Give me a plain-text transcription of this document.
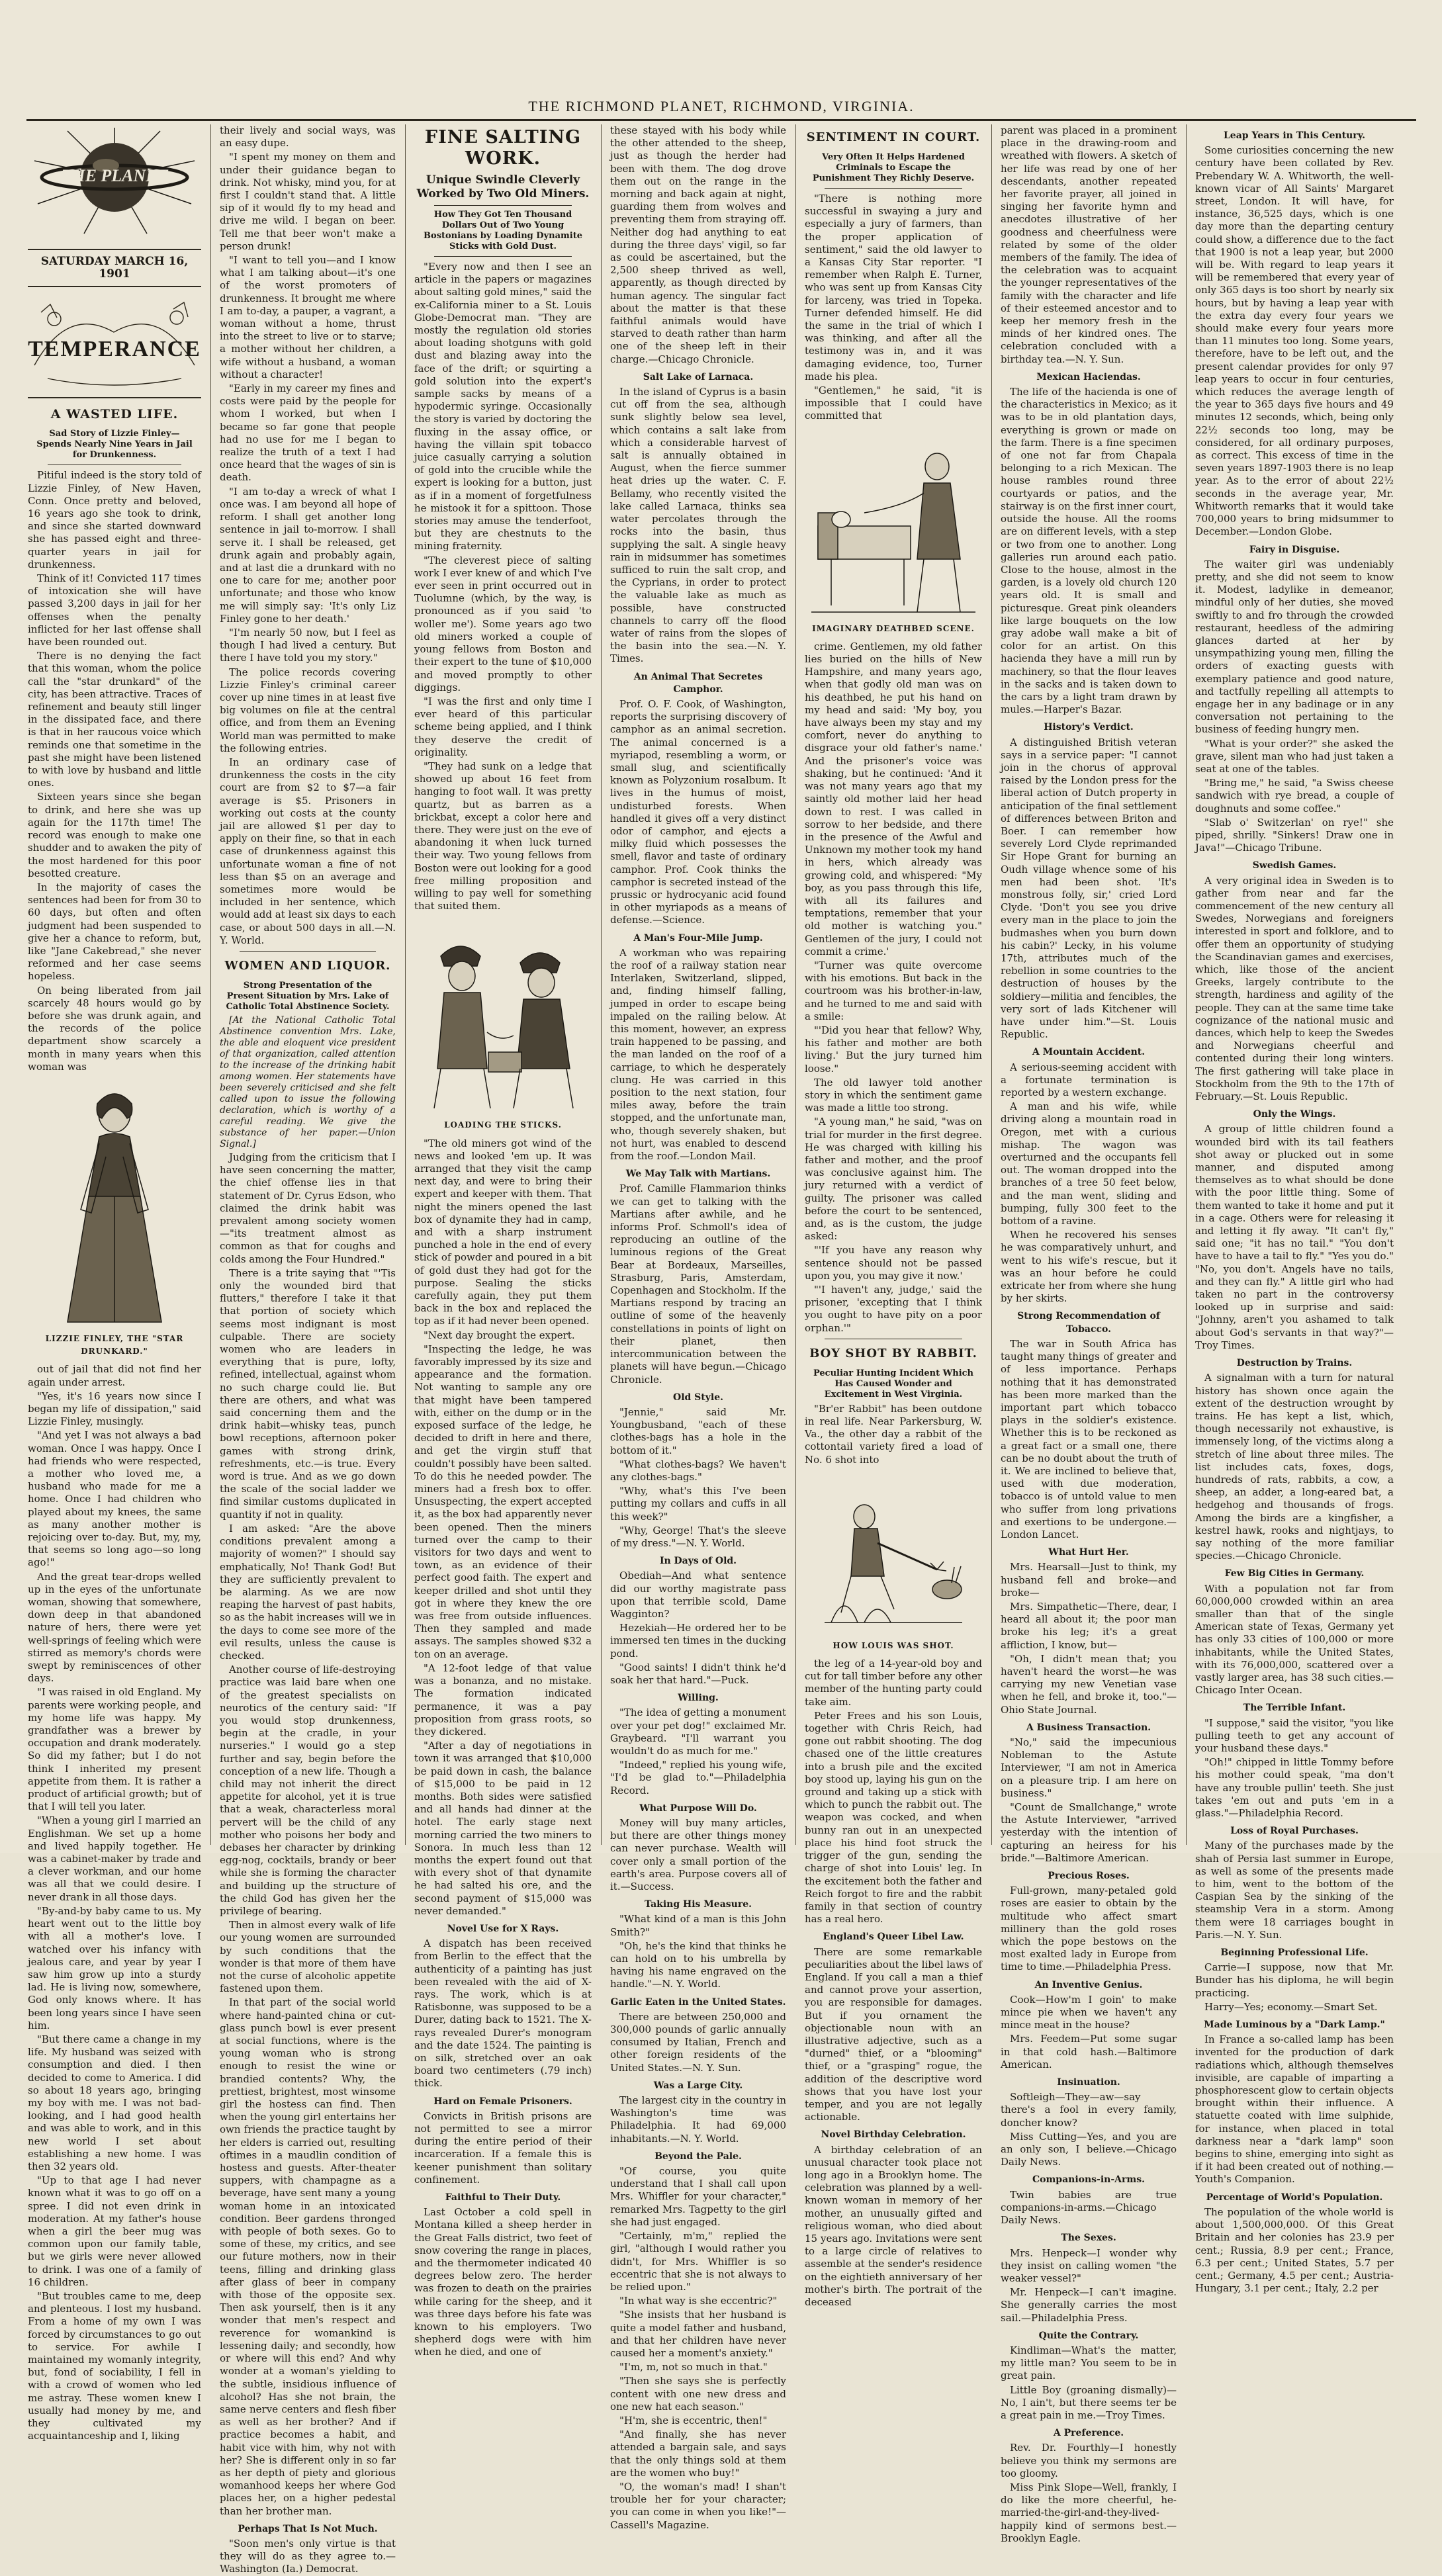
THE RICHMOND PLANET, RICHMOND, VIRGINIA.
THE PLANET
SATURDAY MARCH 16, 1901
TEMPERANCE
A WASTED LIFE.
Sad Story of Lizzie Finley—Spends Nearly Nine Years in Jail for Drunkenness.

Pitiful indeed is the story told of Lizzie Finley, of New Haven, Conn. Once pretty and beloved, 16 years ago she took to drink, and since she started downward she has passed eight and three-quarter years in jail for drunkenness.

Think of it! Convicted 117 times of intoxication she will have passed 3,200 days in jail for her offenses when the penalty inflicted for her last offense shall have been rounded out.

There is no denying the fact that this woman, whom the police call the "star drunkard" of the city, has been attractive. Traces of refinement and beauty still linger in the dissipated face, and there is that in her raucous voice which reminds one that sometime in the past she might have been listened to with love by husband and little ones.

Sixteen years since she began to drink, and here she was up again for the 117th time! The record was enough to make one shudder and to awaken the pity of the most hardened for this poor besotted creature.

In the majority of cases the sentences had been for from 30 to 60 days, but often and often judgment had been suspended to give her a chance to reform, but, like "Jane Cakebread," she never reformed and her case seems hopeless.

On being liberated from jail scarcely 48 hours would go by before she was drunk again, and the records of the police department show scarcely a month in many years when this woman was

LIZZIE FINLEY, THE "STAR DRUNKARD."

out of jail that did not find her again under arrest.

"Yes, it's 16 years now since I began my life of dissipation," said Lizzie Finley, musingly.

"And yet I was not always a bad woman. Once I was happy. Once I had friends who were respected, a mother who loved me, a husband who made for me a home. Once I had children who played about my knees, the same as many another mother is rejoicing over to-day. But, my, my, that seems so long ago—so long ago!"

And the great tear-drops welled up in the eyes of the unfortunate woman, showing that somewhere, down deep in that abandoned nature of hers, there were yet well-springs of feeling which were stirred as memory's chords were swept by reminiscences of other days.

"I was raised in old England. My parents were working people, and my home life was happy. My grandfather was a brewer by occupation and drank moderately. So did my father; but I do not think I inherited my present appetite from them. It is rather a product of artificial growth; but of that I will tell you later.

"When a young girl I married an Englishman. We set up a home and lived happily together. He was a cabinet-maker by trade and a clever workman, and our home was all that we could desire. I never drank in all those days.

"By-and-by baby came to us. My heart went out to the little boy with all a mother's love. I watched over his infancy with jealous care, and year by year I saw him grow up into a sturdy lad. He is living now, somewhere, God only knows where. It has been long years since I have seen him.

"But there came a change in my life. My husband was seized with consumption and died. I then decided to come to America. I did so about 18 years ago, bringing my boy with me. I was not bad-looking, and I had good health and was able to work, and in this new world I set about establishing a new home. I was then 32 years old.

"Up to that age I had never known what it was to go off on a spree. I did not even drink in moderation. At my father's house when a girl the beer mug was common upon our family table, but we girls were never allowed to drink. I was one of a family of 16 children.

"But troubles came to me, deep and plenteous. I lost my husband. From a home of my own I was forced by circumstances to go out to service. For awhile I maintained my womanly integrity, but, fond of sociability, I fell in with a crowd of women who led me astray. These women knew I usually had money by me, and they cultivated my acquaintanceship and I, liking

their lively and social ways, was an easy dupe.

"I spent my money on them and under their guidance began to drink. Not whisky, mind you, for at first I couldn't stand that. A little sip of it would fly to my head and drive me wild. I began on beer. Tell me that beer won't make a person drunk!

"I want to tell you—and I know what I am talking about—it's one of the worst promoters of drunkenness. It brought me where I am to-day, a pauper, a vagrant, a woman without a home, thrust into the street to live or to starve; a mother without her children, a wife without a husband, a woman without a character!

"Early in my career my fines and costs were paid by the people for whom I worked, but when I became so far gone that people had no use for me I began to realize the truth of a text I had once heard that the wages of sin is death.

"I am to-day a wreck of what I once was. I am beyond all hope of reform. I shall get another long sentence in jail to-morrow. I shall serve it. I shall be released, get drunk again and probably again, and at last die a drunkard with no one to care for me; another poor unfortunate; and those who know me will simply say: 'It's only Liz Finley gone to her death.'

"I'm nearly 50 now, but I feel as though I had lived a century. But there I have told you my story."

The police records covering Lizzie Finley's criminal career cover up nine times in at least five big volumes on file at the central office, and from them an Evening World man was permitted to make the following entries.

In an ordinary case of drunkenness the costs in the city court are from $2 to $7—a fair average is $5. Prisoners in working out costs at the county jail are allowed $1 per day to apply on their fine, so that in each case of drunkenness against this unfortunate woman a fine of not less than $5 on an average and sometimes more would be included in her sentence, which would add at least six days to each case, or about 500 days in all.—N. Y. World.

WOMEN AND LIQUOR.
Strong Presentation of the Present Situation by Mrs. Lake of Catholic Total Abstinence Society.

[At the National Catholic Total Abstinence convention Mrs. Lake, the able and eloquent vice president of that organization, called attention to the increase of the drinking habit among women. Her statements have been severely criticised and she felt called upon to issue the following declaration, which is worthy of a careful reading. We give the substance of her paper.—Union Signal.]

Judging from the criticism that I have seen concerning the matter, the chief offense lies in that statement of Dr. Cyrus Edson, who claimed the drink habit was prevalent among society women—"its treatment almost as common as that for coughs and colds among the Four Hundred."

There is a trite saying that "'Tis only the wounded bird that flutters," therefore I take it that that portion of society which seems most indignant is most culpable. There are society women who are leaders in everything that is pure, lofty, refined, intellectual, against whom no such charge could lie. But there are others, and what was said concerning them and the drink habit—whisky teas, punch bowl receptions, afternoon poker games with strong drink, refreshments, etc.—is true. Every word is true. And as we go down the scale of the social ladder we find similar customs duplicated in quantity if not in quality.

I am asked: "Are the above conditions prevalent among a majority of women?" I should say emphatically, No! Thank God! But they are sufficiently prevalent to be alarming. As we are now reaping the harvest of past habits, so as the habit increases will we in the days to come see more of the evil results, unless the cause is checked.

Another course of life-destroying practice was laid bare when one of the greatest specialists on neurotics of the century said: "If you would stop drunkenness, begin at the cradle, in your nurseries." I would go a step further and say, begin before the conception of a new life. Though a child may not inherit the direct appetite for alcohol, yet it is true that a weak, characterless moral pervert will be the child of any mother who poisons her body and debases her character by drinking egg-nog, cocktails, brandy or beer while she is forming the character and building up the structure of the child God has given her the privilege of bearing.

Then in almost every walk of life our young women are surrounded by such conditions that the wonder is that more of them have not the curse of alcoholic appetite fastened upon them.

In that part of the social world where hand-painted china or cut-glass punch bowl is ever present at social functions, where is the young woman who is strong enough to resist the wine or brandied contents? Why, the prettiest, brightest, most winsome girl the hostess can find. Then when the young girl entertains her own friends the practice taught by her elders is carried out, resulting oftimes in a maudlin condition of hostess and guests. After-theater suppers, with champagne as a beverage, have sent many a young woman home in an intoxicated condition. Beer gardens thronged with people of both sexes. Go to some of these, my critics, and see our future mothers, now in their teens, filling and drinking glass after glass of beer in company with those of the opposite sex. Then ask yourself, then is it any wonder that men's respect and reverence for womankind is lessening daily; and secondly, how or where will this end? And why wonder at a woman's yielding to the subtle, insidious influence of alcohol? Has she not brain, the same nerve centers and flesh fiber as well as her brother? And if practice becomes a habit, and habit vice with him, why not with her? She is different only in so far as her depth of piety and glorious womanhood keeps her where God places her, on a higher pedestal than her brother man.

Perhaps That Is Not Much.

"Soon men's only virtue is that they will do as they agree to.—Washington (Ia.) Democrat.

FINE SALTING WORK.
Unique Swindle Cleverly Worked by Two Old Miners.
How They Got Ten Thousand Dollars Out of Two Young Bostonians by Loading Dynamite Sticks with Gold Dust.

"Every now and then I see an article in the papers or magazines about salting gold mines," said the ex-California miner to a St. Louis Globe-Democrat man. "They are mostly the regulation old stories about loading shotguns with gold dust and blazing away into the face of the drift; or squirting a gold solution into the expert's sample sacks by means of a hypodermic syringe. Occasionally the story is varied by doctoring the fluxing in the assay office, or having the villain spit tobacco juice casually carrying a solution of gold into the crucible while the expert is looking for a button, just as if in a moment of forgetfulness he mistook it for a spittoon. Those stories may amuse the tenderfoot, but they are chestnuts to the mining fraternity.

"The cleverest piece of salting work I ever knew of and which I've ever seen in print occurred out in Tuolumne (which, by the way, is pronounced as if you said 'to woller me'). Some years ago two old miners worked a couple of young fellows from Boston and their expert to the tune of $10,000 and moved promptly to other diggings.

"I was the first and only time I ever heard of this particular scheme being applied, and I think they deserve the credit of originality.

"They had sunk on a ledge that showed up about 16 feet from hanging to foot wall. It was pretty quartz, but as barren as a brickbat, except a color here and there. They were just on the eve of abandoning it when luck turned their way. Two young fellows from Boston were out looking for a good free milling proposition and willing to pay well for something that suited them.

LOADING THE STICKS.

"The old miners got wind of the news and looked 'em up. It was arranged that they visit the camp next day, and were to bring their expert and keeper with them. That night the miners opened the last box of dynamite they had in camp, and with a sharp instrument punched a hole in the end of every stick of powder and poured in a bit of gold dust they had got for the purpose. Sealing the sticks carefully again, they put them back in the box and replaced the top as if it had never been opened.

"Next day brought the expert.

"Inspecting the ledge, he was favorably impressed by its size and appearance and the formation. Not wanting to sample any ore that might have been tampered with, either on the dump or in the exposed surface of the ledge, he decided to drift in here and there, and get the virgin stuff that couldn't possibly have been salted. To do this he needed powder. The miners had a fresh box to offer. Unsuspecting, the expert accepted it, as the box had apparently never been opened. Then the miners turned over the camp to their visitors for two days and went to town, as an evidence of their perfect good faith. The expert and keeper drilled and shot until they got in where they knew the ore was free from outside influences. Then they sampled and made assays. The samples showed $32 a ton on an average.

"A 12-foot ledge of that value was a bonanza, and no mistake. The formation indicated permanence, it was a pay proposition from grass roots, so they dickered.

"After a day of negotiations in town it was arranged that $10,000 be paid down in cash, the balance of $15,000 to be paid in 12 months. Both sides were satisfied and all hands had dinner at the hotel. The early stage next morning carried the two miners to Sonora. In much less than 12 months the expert found out that with every shot of that dynamite he had salted his ore, and the second payment of $15,000 was never demanded."

Novel Use for X Rays.

A dispatch has been received from Berlin to the effect that the authenticity of a painting has just been revealed with the aid of X-rays. The work, which is at Ratisbonne, was supposed to be a Durer, dating back to 1521. The X-rays revealed Durer's monogram and the date 1524. The painting is on silk, stretched over an oak board two centimeters (.79 inch) thick.

Hard on Female Prisoners.

Convicts in British prisons are not permitted to see a mirror during the entire period of their incarceration. If a female this is keener punishment than solitary confinement.

Faithful to Their Duty.

Last October a cold spell in Montana killed a sheep herder in the Great Falls district, two feet of snow covering the range in places, and the thermometer indicated 40 degrees below zero. The herder was frozen to death on the prairies while caring for the sheep, and it was three days before his fate was known to his employers. Two shepherd dogs were with him when he died, and one of

these stayed with his body while the other attended to the sheep, just as though the herder had been with them. The dog drove them out on the range in the morning and back again at night, guarding them from wolves and preventing them from straying off. Neither dog had anything to eat during the three days' vigil, so far as could be ascertained, but the 2,500 sheep thrived as well, apparently, as though directed by human agency. The singular fact about the matter is that these faithful animals would have starved to death rather than harm one of the sheep left in their charge.—Chicago Chronicle.

Salt Lake of Larnaca.

In the island of Cyprus is a basin cut off from the sea, although sunk slightly below sea level, which contains a salt lake from which a considerable harvest of salt is annually obtained in August, when the fierce summer heat dries up the water. C. F. Bellamy, who recently visited the lake called Larnaca, thinks sea water percolates through the rocks into the basin, thus supplying the salt. A single heavy rain in midsummer has sometimes sufficed to ruin the salt crop, and the Cyprians, in order to protect the valuable lake as much as possible, have constructed channels to carry off the flood water of rains from the slopes of the basin into the sea.—N. Y. Times.

An Animal That Secretes Camphor.

Prof. O. F. Cook, of Washington, reports the surprising discovery of camphor as an animal secretion. The animal concerned is a myriapod, resembling a worm, or small slug, and scientifically known as Polyzonium rosalbum. It lives in the humus of moist, undisturbed forests. When handled it gives off a very distinct odor of camphor, and ejects a milky fluid which possesses the smell, flavor and taste of ordinary camphor. Prof. Cook thinks the camphor is secreted instead of the prussic or hydrocyanic acid found in other myriapods as a means of defense.—Science.

A Man's Four-Mile Jump.

A workman who was repairing the roof of a railway station near Interlaken, Switzerland, slipped, and, finding himself falling, jumped in order to escape being impaled on the railing below. At this moment, however, an express train happened to be passing, and the man landed on the roof of a carriage, to which he desperately clung. He was carried in this position to the next station, four miles away, before the train stopped, and the unfortunate man, who, though severely shaken, but not hurt, was enabled to descend from the roof.—London Mail.

We May Talk with Martians.

Prof. Camille Flammarion thinks we can get to talking with the Martians after awhile, and he informs Prof. Schmoll's idea of reproducing an outline of the luminous regions of the Great Bear at Bordeaux, Marseilles, Strasburg, Paris, Amsterdam, Copenhagen and Stockholm. If the Martians respond by tracing an outline of some of the heavenly constellations in points of light on their planet, then intercommunication between the planets will have begun.—Chicago Chronicle.

Old Style.

"Jennie," said Mr. Youngbusband, "each of these clothes-bags has a hole in the bottom of it."

"What clothes-bags? We haven't any clothes-bags."

"Why, what's this I've been putting my collars and cuffs in all this week?"

"Why, George! That's the sleeve of my dress."—N. Y. World.

In Days of Old.

Obediah—And what sentence did our worthy magistrate pass upon that terrible scold, Dame Wagginton?

Hezekiah—He ordered her to be immersed ten times in the ducking pond.

"Good saints! I didn't think he'd soak her that hard."—Puck.

Willing.

"The idea of getting a monument over your pet dog!" exclaimed Mr. Graybeard. "I'll warrant you wouldn't do as much for me."

"Indeed," replied his young wife, "I'd be glad to."—Philadelphia Record.

What Purpose Will Do.

Money will buy many articles, but there are other things money can never purchase. Wealth will cover only a small portion of the earth's area. Purpose covers all of it.—Success.

Taking His Measure.

"What kind of a man is this John Smith?"

"Oh, he's the kind that thinks he can hold on to his umbrella by having his name engraved on the handle."—N. Y. World.

Garlic Eaten in the United States.

There are between 250,000 and 300,000 pounds of garlic annually consumed by Italian, French and other foreign residents of the United States.—N. Y. Sun.

Was a Large City.

The largest city in the country in Washington's time was Philadelphia. It had 69,000 inhabitants.—N. Y. World.

Beyond the Pale.

"Of course, you quite understand that I shall call upon Mrs. Whiffler for your character," remarked Mrs. Tagpetty to the girl she had just engaged.

"Certainly, m'm," replied the girl, "although I would rather you didn't, for Mrs. Whiffler is so eccentric that she is not always to be relied upon."

"In what way is she eccentric?"

"She insists that her husband is quite a model father and husband, and that her children have never caused her a moment's anxiety."

"I'm, m, not so much in that."

"Then she says she is perfectly content with one new dress and one new hat each season."

"H'm, she is eccentric, then!"

"And finally, she has never attended a bargain sale, and says that the only things sold at them are the women who buy!"

"O, the woman's mad! I shan't trouble her for your character; you can come in when you like!"—Cassell's Magazine.

SENTIMENT IN COURT.
Very Often It Helps Hardened Criminals to Escape the Punishment They Richly Deserve.

"There is nothing more successful in swaying a jury and especially a jury of farmers, than the proper application of sentiment," said the old lawyer to a Kansas City Star reporter. "I remember when Ralph E. Turner, who was sent up from Kansas City for larceny, was tried in Topeka. Turner defended himself. He did the same in the trial of which I was thinking, and after all the testimony was in, and it was damaging evidence, too, Turner made his plea.

"Gentlemen," he said, "it is impossible that I could have committed that

IMAGINARY DEATHBED SCENE.

crime. Gentlemen, my old father lies buried on the hills of New Hampshire, and many years ago, when that godly old man was on his deathbed, he put his hand on my head and said: 'My boy, you have always been my stay and my comfort, never do anything to disgrace your old father's name.' And the prisoner's voice was shaking, but he continued: 'And it was not many years ago that my saintly old mother laid her head down to rest. I was called in sorrow to her bedside, and there in the presence of the Awful and Unknown my mother took my hand in hers, which already was growing cold, and whispered: "My boy, as you pass through this life, with all its failures and temptations, remember that your old mother is watching you." Gentlemen of the jury, I could not commit a crime.'

"Turner was quite overcome with his emotions. But back in the courtroom was his brother-in-law, and he turned to me and said with a smile:

"'Did you hear that fellow? Why, his father and mother are both living.' But the jury turned him loose."

The old lawyer told another story in which the sentiment game was made a little too strong.

"A young man," he said, "was on trial for murder in the first degree. He was charged with killing his father and mother, and the proof was conclusive against him. The jury returned with a verdict of guilty. The prisoner was called before the court to be sentenced, and, as is the custom, the judge asked:

"'If you have any reason why sentence should not be passed upon you, you may give it now.'

"'I haven't any, judge,' said the prisoner, 'excepting that I think you ought to have pity on a poor orphan.'"

BOY SHOT BY RABBIT.
Peculiar Hunting Incident Which Has Caused Wonder and Excitement in West Virginia.

"Br'er Rabbit" has been outdone in real life. Near Parkersburg, W. Va., the other day a rabbit of the cottontail variety fired a load of No. 6 shot into

HOW LOUIS WAS SHOT.

the leg of a 14-year-old boy and cut for tall timber before any other member of the hunting party could take aim.

Peter Frees and his son Louis, together with Chris Reich, had gone out rabbit shooting. The dog chased one of the little creatures into a brush pile and the excited boy stood up, laying his gun on the ground and taking up a stick with which to punch the rabbit out. The weapon was cocked, and when bunny ran out in an unexpected place his hind foot struck the trigger of the gun, sending the charge of shot into Louis' leg. In the excitement both the father and Reich forgot to fire and the rabbit family in that section of country has a real hero.

England's Queer Libel Law.

There are some remarkable peculiarities about the libel laws of England. If you call a man a thief and cannot prove your assertion, you are responsible for damages. But if you ornament the objectionable noun with an illustrative adjective, such as a "durned" thief, or a "blooming" thief, or a "grasping" rogue, the addition of the descriptive word shows that you have lost your temper, and you are not legally actionable.

Novel Birthday Celebration.

A birthday celebration of an unusual character took place not long ago in a Brooklyn home. The celebration was planned by a well-known woman in memory of her mother, an unusually gifted and religious woman, who died about 15 years ago. Invitations were sent to a large circle of relatives to assemble at the sender's residence on the eightieth anniversary of her mother's birth. The portrait of the deceased

parent was placed in a prominent place in the drawing-room and wreathed with flowers. A sketch of her life was read by one of her descendants, another repeated her favorite prayer, all joined in singing her favorite hymn and anecdotes illustrative of her goodness and cheerfulness were related by some of the older members of the family. The idea of the celebration was to acquaint the younger representatives of the family with the character and life of their esteemed ancestor and to keep her memory fresh in the minds of her kindred ones. The celebration concluded with a birthday tea.—N. Y. Sun.

Mexican Haciendas.

The life of the hacienda is one of the characteristics in Mexico; as it was to be in old plantation days, everything is grown or made on the farm. There is a fine specimen of one not far from Chapala belonging to a rich Mexican. The house rambles round three courtyards or patios, and the stairway is on the first inner court, outside the house. All the rooms are on different levels, with a step or two from one to another. Long galleries run around each patio. Close to the house, almost in the garden, is a lovely old church 120 years old. It is small and picturesque. Great pink oleanders like large bouquets on the low gray adobe wall make a bit of color for an artist. On this hacienda they have a mill run by machinery, so that the flour leaves in the sacks and is taken down to the cars by a light tram drawn by mules.—Harper's Bazar.

History's Verdict.

A distinguished British veteran says in a service paper: "I cannot join in the chorus of approval raised by the London press for the liberal action of Dutch property in anticipation of the final settlement of differences between Briton and Boer. I can remember how severely Lord Clyde reprimanded Sir Hope Grant for burning an Oudh village whence some of his men had been shot. 'It's monstrous folly, sir,' cried Lord Clyde. 'Don't you see you drive every man in the place to join the budmashes when you burn down his cabin?' Lecky, in his volume 17th, attributes much of the rebellion in some countries to the destruction of houses by the soldiery—militia and fencibles, the very sort of lads Kitchener will have under him."—St. Louis Republic.

A Mountain Accident.

A serious-seeming accident with a fortunate termination is reported by a western exchange.

A man and his wife, while driving along a mountain road in Oregon, met with a curious mishap. The wagon was overturned and the occupants fell out. The woman dropped into the branches of a tree 50 feet below, and the man went, sliding and bumping, fully 300 feet to the bottom of a ravine.

When he recovered his senses he was comparatively unhurt, and went to his wife's rescue, but it was an hour before he could extricate her from where she hung by her skirts.

Strong Recommendation of Tobacco.

The war in South Africa has taught many things of greater and of less importance. Perhaps nothing that it has demonstrated has been more marked than the important part which tobacco plays in the soldier's existence. Whether this is to be reckoned as a great fact or a small one, there can be no doubt about the truth of it. We are inclined to believe that, used with due moderation, tobacco is of untold value to men who suffer from long privations and exertions to be undergone.—London Lancet.

What Hurt Her.

Mrs. Hearsall—Just to think, my husband fell and broke—and broke—

Mrs. Simpathetic—There, dear, I heard all about it; the poor man broke his leg; it's a great affliction, I know, but—

"Oh, I didn't mean that; you haven't heard the worst—he was carrying my new Venetian vase when he fell, and broke it, too."—Ohio State Journal.

A Business Transaction.

"No," said the impecunious Nobleman to the Astute Interviewer, "I am not in America on a pleasure trip. I am here on business."

"Count de Smallchange," wrote the Astute Interviewer, "arrived yesterday with the intention of capturing an heiress for his bride."—Baltimore American.

Precious Roses.

Full-grown, many-petaled gold roses are easier to obtain by the multitude who affect smart millinery than the gold roses which the pope bestows on the most exalted lady in Europe from time to time.—Philadelphia Press.

An Inventive Genius.

Cook—How'm I goin' to make mince pie when we haven't any mince meat in the house?

Mrs. Feedem—Put some sugar in that cold hash.—Baltimore American.

Insinuation.

Softleigh—They—aw—say there's a fool in every family, doncher know?

Miss Cutting—Yes, and you are an only son, I believe.—Chicago Daily News.

Companions-in-Arms.

Twin babies are true companions-in-arms.—Chicago Daily News.

The Sexes.

Mrs. Henpeck—I wonder why they insist on calling women "the weaker vessel?"

Mr. Henpeck—I can't imagine. She generally carries the most sail.—Philadelphia Press.

Quite the Contrary.

Kindliman—What's the matter, my little man? You seem to be in great pain.

Little Boy (groaning dismally)—No, I ain't, but there seems ter be a great pain in me.—Troy Times.

A Preference.

Rev. Dr. Fourthly—I honestly believe you think my sermons are too gloomy.

Miss Pink Slope—Well, frankly, I do like the more cheerful, he-married-the-girl-and-they-lived-happily kind of sermons best.—Brooklyn Eagle.

Leap Years in This Century.

Some curiosities concerning the new century have been collated by Rev. Prebendary W. A. Whitworth, the well-known vicar of All Saints' Margaret street, London. It will have, for instance, 36,525 days, which is one day more than the departing century could show, a difference due to the fact that 1900 is not a leap year, but 2000 will be. With regard to leap years it will be remembered that every year of only 365 days is too short by nearly six hours, but by having a leap year with the extra day every four years we should make every four years more than 11 minutes too long. Some years, therefore, have to be left out, and the present calendar provides for only 97 leap years to occur in four centuries, which reduces the average length of the year to 365 days five hours and 49 minutes 12 seconds, which, being only 22½ seconds too long, may be considered, for all ordinary purposes, as correct. This excess of time in the seven years 1897-1903 there is no leap year. As to the error of about 22½ seconds in the average year, Mr. Whitworth remarks that it would take 700,000 years to bring midsummer to December.—London Globe.

Fairy in Disguise.

The waiter girl was undeniably pretty, and she did not seem to know it. Modest, ladylike in demeanor, mindful only of her duties, she moved swiftly to and fro through the crowded restaurant, heedless of the admiring glances darted at her by unsympathizing young men, filling the orders of exacting guests with exemplary patience and good nature, and tactfully repelling all attempts to engage her in any badinage or in any conversation not pertaining to the business of feeding hungry men.

"What is your order?" she asked the grave, silent man who had just taken a seat at one of the tables.

"Bring me," he said, "a Swiss cheese sandwich with rye bread, a couple of doughnuts and some coffee."

"Slab o' Switzerlan' on rye!" she piped, shrilly. "Sinkers! Draw one in Java!"—Chicago Tribune.

Swedish Games.

A very original idea in Sweden is to gather from near and far the commencement of the new century all Swedes, Norwegians and foreigners interested in sport and folklore, and to offer them an opportunity of studying the Scandinavian games and exercises, which, like those of the ancient Greeks, largely contribute to the strength, hardiness and agility of the people. They can at the same time take cognizance of the national music and dances, which help to keep the Swedes and Norwegians cheerful and contented during their long winters. The first gathering will take place in Stockholm from the 9th to the 17th of February.—St. Louis Republic.

Only the Wings.

A group of little children found a wounded bird with its tail feathers shot away or plucked out in some manner, and disputed among themselves as to what should be done with the poor little thing. Some of them wanted to take it home and put it in a cage. Others were for releasing it and letting it fly away. "It can't fly," said one; "it has no tail." "You don't have to have a tail to fly." "Yes you do." "No, you don't. Angels have no tails, and they can fly." A little girl who had taken no part in the controversy looked up in surprise and said: "Johnny, aren't you ashamed to talk about God's servants in that way?"—Troy Times.

Destruction by Trains.

A signalman with a turn for natural history has shown once again the extent of the destruction wrought by trains. He has kept a list, which, though necessarily not exhaustive, is immensely long, of the victims along a stretch of line about three miles. The list includes cats, foxes, dogs, hundreds of rats, rabbits, a cow, a sheep, an adder, a long-eared bat, a hedgehog and thousands of frogs. Among the birds are a kingfisher, a kestrel hawk, rooks and nightjays, to say nothing of the more familiar species.—Chicago Chronicle.

Few Big Cities in Germany.

With a population not far from 60,000,000 crowded within an area smaller than that of the single American state of Texas, Germany yet has only 33 cities of 100,000 or more inhabitants, while the United States, with its 76,000,000, scattered over a vastly larger area, has 38 such cities.—Chicago Inter Ocean.

The Terrible Infant.

"I suppose," said the visitor, "you like pulling teeth to get any account of your husband these days."

"Oh!" chipped in little Tommy before his mother could speak, "ma don't have any trouble pullin' teeth. She just takes 'em out and puts 'em in a glass."—Philadelphia Record.

Loss of Royal Purchases.

Many of the purchases made by the shah of Persia last summer in Europe, as well as some of the presents made to him, went to the bottom of the Caspian Sea by the sinking of the steamship Vera in a storm. Among them were 18 carriages bought in Paris.—N. Y. Sun.

Beginning Professional Life.

Carrie—I suppose, now that Mr. Bunder has his diploma, he will begin practicing.

Harry—Yes; economy.—Smart Set.

Made Luminous by a "Dark Lamp."

In France a so-called lamp has been invented for the production of dark radiations which, although themselves invisible, are capable of imparting a phosphorescent glow to certain objects brought within their influence. A statuette coated with lime sulphide, for instance, when placed in total darkness near a "dark lamp" soon begins to shine, emerging into sight as if it had been created out of nothing.—Youth's Companion.

Percentage of World's Population.

The population of the whole world is about 1,500,000,000. Of this Great Britain and her colonies has 23.9 per cent.; Russia, 8.9 per cent.; France, 6.3 per cent.; United States, 5.7 per cent.; Germany, 4.5 per cent.; Austria-Hungary, 3.1 per cent.; Italy, 2.2 per
